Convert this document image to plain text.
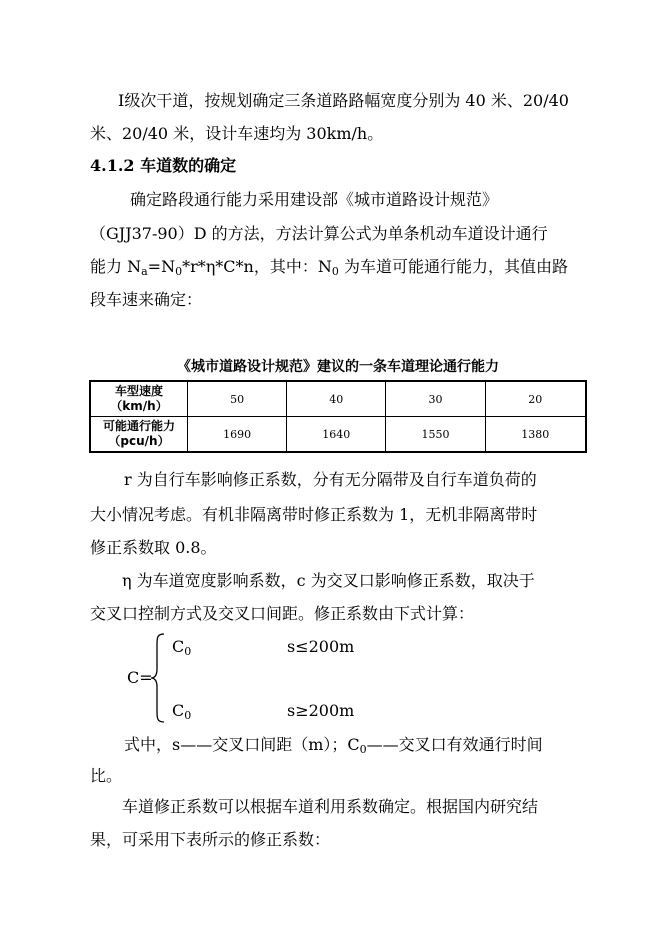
Ⅰ级次干道，按规划确定三条道路路幅宽度分别为 40 米、20/40
米、20/40 米，设计车速均为 30km/h。
4.1.2 车道数的确定
确定路段通行能力采用建设部《城市道路设计规范》
（GJJ37-90）D 的方法，方法计算公式为单条机动车道设计通行
能力 $N_a=N_0*r*\eta*C*n$，其中：$N_0$ 为车道可能通行能力，其值由路
段车速来确定：
《城市道路设计规范》建议的一条车道理论通行能力
车型速度
（km/h）	50	40	30	20

可能通行能力
（pcu/h）	1690	1640	1550	1380
r 为自行车影响修正系数，分有无分隔带及自行车道负荷的
大小情况考虑。有机非隔离带时修正系数为 1，无机非隔离带时
修正系数取 0.8。
η 为车道宽度影响系数，c 为交叉口影响修正系数，取决于
交叉口控制方式及交叉口间距。修正系数由下式计算：
C=
$C_0$	s≤200m
$C_0$	s≥200m
式中，s——交叉口间距（m）；$C_0——$交叉口有效通行时间
比。
车道修正系数可以根据车道利用系数确定。根据国内研究结
果，可采用下表所示的修正系数：
